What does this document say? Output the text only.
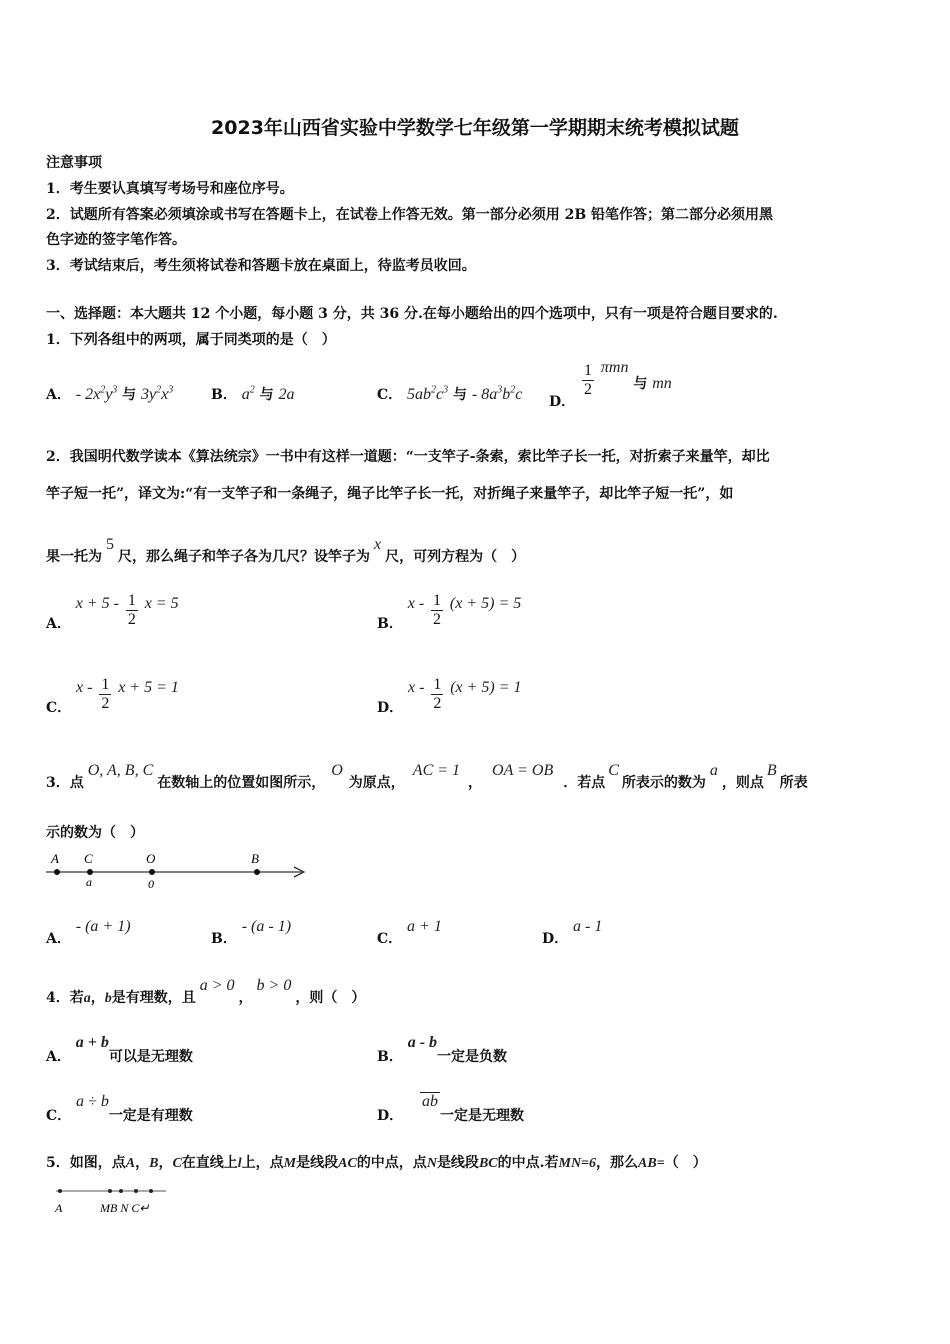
2023年山西省实验中学数学七年级第一学期期末统考模拟试题
注意事项
1．考生要认真填写考场号和座位序号。
2．试题所有答案必须填涂或书写在答题卡上，在试卷上作答无效。第一部分必须用 2B 铅笔作答；第二部分必须用黑
色字迹的签字笔作答。
3．考试结束后，考生须将试卷和答题卡放在桌面上，待监考员收回。
一、选择题：本大题共 12 个小题，每小题 3 分，共 36 分.在每小题给出的四个选项中，只有一项是符合题目要求的.
1．下列各组中的两项，属于同类项的是（　）
A． - $2x^2y^3$ 与 $3y^2x^3$	B． $a^2$ 与 2a	C． $5ab^2c^3$ 与 - $8a^3b^2c$ D．
$\frac{1}{2}$ πmn 与 mn
2．我国明代数学读本《算法统宗》一书中有这样一道题：“一支竿子-条索，索比竿子长一托，对折索子来量竿，却比
竿子短一托”，译文为:“有一支竿子和一条绳子，绳子比竿子长一托，对折绳子来量竿子，却比竿子短一托”，如
果一托为5尺，那么绳子和竿子各为几尺？设竿子为x尺，可列方程为（　）
A． $x + 5 - \frac{1}{2}$ x = 5
B． $x - \frac{1}{2} (x + 5) = 5$
C． x - $\frac{1}{2}$ x + 5 = 1
D． $x - \frac{1}{2} (x + 5) = 1$
3．点O, A, B, C在数轴上的位置如图所示，O为原点，AC = 1，OA = OB．若点C所表示的数为a，则点B所表
示的数为（　）
A C	O	B
a	0
A． - (a + 1)
B． - (a - 1)
C． a + 1
D． a - 1
4．若a，b是有理数，且a > 0，b > 0，则（　）
A． a + b可以是无理数	B． a - b一定是负数
C． a ÷ b一定是有理数	D． ab一定是无理数
5．如图，点A，B，C在直线上l上，点M是线段AC的中点，点N是线段BC的中点.若MN=6，那么AB=（　）
A	MB N C↵
